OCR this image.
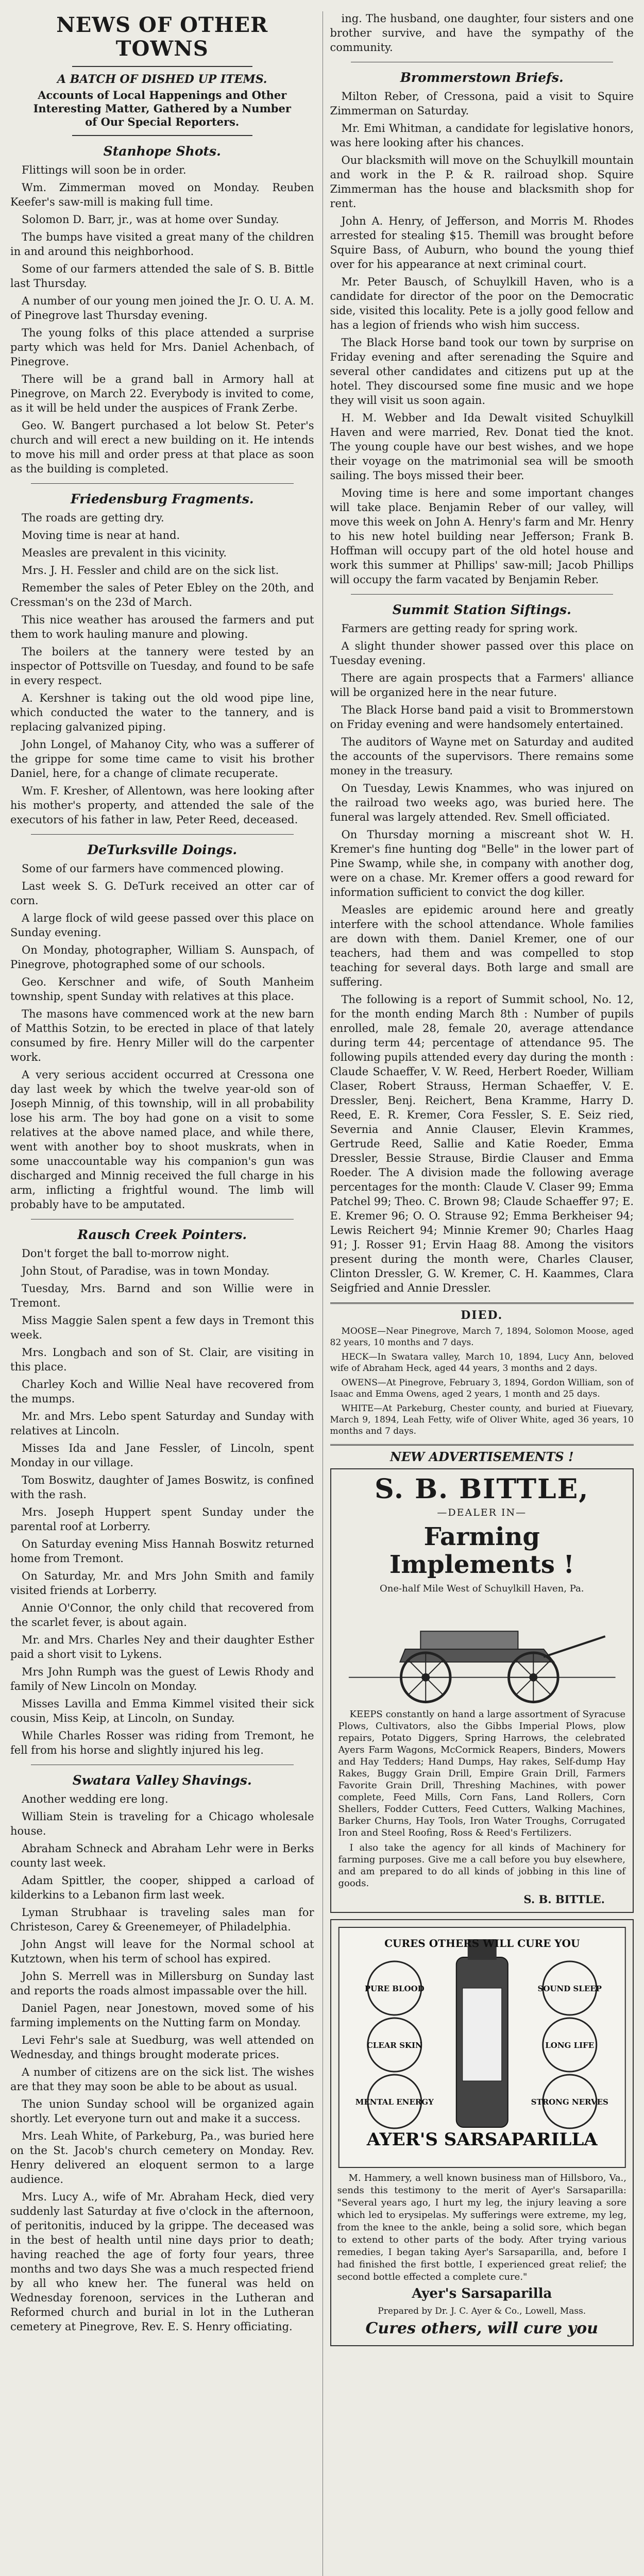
NEWS OF OTHER TOWNS
A BATCH OF DISHED UP ITEMS.
Accounts of Local Happenings and Other Interesting Matter, Gathered by a Number of Our Special Reporters.
Stanhope Shots.

Flittings will soon be in order.

Wm. Zimmerman moved on Monday. Reuben Keefer's saw-mill is making full time.

Solomon D. Barr, jr., was at home over Sunday.

The bumps have visited a great many of the children in and around this neighborhood.

Some of our farmers attended the sale of S. B. Bittle last Thursday.

A number of our young men joined the Jr. O. U. A. M. of Pinegrove last Thursday evening.

The young folks of this place attended a surprise party which was held for Mrs. Daniel Achenbach, of Pinegrove.

There will be a grand ball in Armory hall at Pinegrove, on March 22. Everybody is invited to come, as it will be held under the auspices of Frank Zerbe.

Geo. W. Bangert purchased a lot below St. Peter's church and will erect a new building on it. He intends to move his mill and order press at that place as soon as the building is completed.

Friedensburg Fragments.

The roads are getting dry.

Moving time is near at hand.

Measles are prevalent in this vicinity.

Mrs. J. H. Fessler and child are on the sick list.

Remember the sales of Peter Ebley on the 20th, and Cressman's on the 23d of March.

This nice weather has aroused the farmers and put them to work hauling manure and plowing.

The boilers at the tannery were tested by an inspector of Pottsville on Tuesday, and found to be safe in every respect.

A. Kershner is taking out the old wood pipe line, which conducted the water to the tannery, and is replacing galvanized piping.

John Longel, of Mahanoy City, who was a sufferer of the grippe for some time came to visit his brother Daniel, here, for a change of climate recuperate.

Wm. F. Kresher, of Allentown, was here looking after his mother's property, and attended the sale of the executors of his father in law, Peter Reed, deceased.

DeTurksville Doings.

Some of our farmers have commenced plowing.

Last week S. G. DeTurk received an otter car of corn.

A large flock of wild geese passed over this place on Sunday evening.

On Monday, photographer, William S. Aunspach, of Pinegrove, photographed some of our schools.

Geo. Kerschner and wife, of South Manheim township, spent Sunday with relatives at this place.

The masons have commenced work at the new barn of Matthis Sotzin, to be erected in place of that lately consumed by fire. Henry Miller will do the carpenter work.

A very serious accident occurred at Cressona one day last week by which the twelve year-old son of Joseph Minnig, of this township, will in all probability lose his arm. The boy had gone on a visit to some relatives at the above named place, and while there, went with another boy to shoot muskrats, when in some unaccountable way his companion's gun was discharged and Minnig received the full charge in his arm, inflicting a frightful wound. The limb will probably have to be amputated.

Rausch Creek Pointers.

Don't forget the ball to-morrow night.

John Stout, of Paradise, was in town Monday.

Tuesday, Mrs. Barnd and son Willie were in Tremont.

Miss Maggie Salen spent a few days in Tremont this week.

Mrs. Longbach and son of St. Clair, are visiting in this place.

Charley Koch and Willie Neal have recovered from the mumps.

Mr. and Mrs. Lebo spent Saturday and Sunday with relatives at Lincoln.

Misses Ida and Jane Fessler, of Lincoln, spent Monday in our village.

Tom Boswitz, daughter of James Boswitz, is confined with the rash.

Mrs. Joseph Huppert spent Sunday under the parental roof at Lorberry.

On Saturday evening Miss Hannah Boswitz returned home from Tremont.

On Saturday, Mr. and Mrs John Smith and family visited friends at Lorberry.

Annie O'Connor, the only child that recovered from the scarlet fever, is about again.

Mr. and Mrs. Charles Ney and their daughter Esther paid a short visit to Lykens.

Mrs John Rumph was the guest of Lewis Rhody and family of New Lincoln on Monday.

Misses Lavilla and Emma Kimmel visited their sick cousin, Miss Keip, at Lincoln, on Sunday.

While Charles Rosser was riding from Tremont, he fell from his horse and slightly injured his leg.

Swatara Valley Shavings.

Another wedding ere long.

William Stein is traveling for a Chicago wholesale house.

Abraham Schneck and Abraham Lehr were in Berks county last week.

Adam Spittler, the cooper, shipped a carload of kilderkins to a Lebanon firm last week.

Lyman Strubhaar is traveling sales man for Christeson, Carey & Greenemeyer, of Philadelphia.

John Angst will leave for the Normal school at Kutztown, when his term of school has expired.

John S. Merrell was in Millersburg on Sunday last and reports the roads almost impassable over the hill.

Daniel Pagen, near Jonestown, moved some of his farming implements on the Nutting farm on Monday.

Levi Fehr's sale at Suedburg, was well attended on Wednesday, and things brought moderate prices.

A number of citizens are on the sick list. The wishes are that they may soon be able to be about as usual.

The union Sunday school will be organized again shortly. Let everyone turn out and make it a success.

Mrs. Leah White, of Parkeburg, Pa., was buried here on the St. Jacob's church cemetery on Monday. Rev. Henry delivered an eloquent sermon to a large audience.

Mrs. Lucy A., wife of Mr. Abraham Heck, died very suddenly last Saturday at five o'clock in the afternoon, of peritonitis, induced by la grippe. The deceased was in the best of health until nine days prior to death; having reached the age of forty four years, three months and two days She was a much respected friend by all who knew her. The funeral was held on Wednesday forenoon, services in the Lutheran and Reformed church and burial in lot in the Lutheran cemetery at Pinegrove, Rev. E. S. Henry officiating.

ing. The husband, one daughter, four sisters and one brother survive, and have the sympathy of the community.

Brommerstown Briefs.

Milton Reber, of Cressona, paid a visit to Squire Zimmerman on Saturday.

Mr. Emi Whitman, a candidate for legislative honors, was here looking after his chances.

Our blacksmith will move on the Schuylkill mountain and work in the P. & R. railroad shop. Squire Zimmerman has the house and blacksmith shop for rent.

John A. Henry, of Jefferson, and Morris M. Rhodes arrested for stealing $15. Themill was brought before Squire Bass, of Auburn, who bound the young thief over for his appearance at next criminal court.

Mr. Peter Bausch, of Schuylkill Haven, who is a candidate for director of the poor on the Democratic side, visited this locality. Pete is a jolly good fellow and has a legion of friends who wish him success.

The Black Horse band took our town by surprise on Friday evening and after serenading the Squire and several other candidates and citizens put up at the hotel. They discoursed some fine music and we hope they will visit us soon again.

H. M. Webber and Ida Dewalt visited Schuylkill Haven and were married, Rev. Donat tied the knot. The young couple have our best wishes, and we hope their voyage on the matrimonial sea will be smooth sailing. The boys missed their beer.

Moving time is here and some important changes will take place. Benjamin Reber of our valley, will move this week on John A. Henry's farm and Mr. Henry to his new hotel building near Jefferson; Frank B. Hoffman will occupy part of the old hotel house and work this summer at Phillips' saw-mill; Jacob Phillips will occupy the farm vacated by Benjamin Reber.

Summit Station Siftings.

Farmers are getting ready for spring work.

A slight thunder shower passed over this place on Tuesday evening.

There are again prospects that a Farmers' alliance will be organized here in the near future.

The Black Horse band paid a visit to Brommerstown on Friday evening and were handsomely entertained.

The auditors of Wayne met on Saturday and audited the accounts of the supervisors. There remains some money in the treasury.

On Tuesday, Lewis Knammes, who was injured on the railroad two weeks ago, was buried here. The funeral was largely attended. Rev. Smell officiated.

On Thursday morning a miscreant shot W. H. Kremer's fine hunting dog "Belle" in the lower part of Pine Swamp, while she, in company with another dog, were on a chase. Mr. Kremer offers a good reward for information sufficient to convict the dog killer.

Measles are epidemic around here and greatly interfere with the school attendance. Whole families are down with them. Daniel Kremer, one of our teachers, had them and was compelled to stop teaching for several days. Both large and small are suffering.

The following is a report of Summit school, No. 12, for the month ending March 8th : Number of pupils enrolled, male 28, female 20, average attendance during term 44; percentage of attendance 95. The following pupils attended every day during the month : Claude Schaeffer, V. W. Reed, Herbert Roeder, William Claser, Robert Strauss, Herman Schaeffer, V. E. Dressler, Benj. Reichert, Bena Kramme, Harry D. Reed, E. R. Kremer, Cora Fessler, S. E. Seiz ried, Severnia and Annie Clauser, Elevin Krammes, Gertrude Reed, Sallie and Katie Roeder, Emma Dressler, Bessie Strause, Birdie Clauser and Emma Roeder. The A division made the following average percentages for the month: Claude V. Claser 99; Emma Patchel 99; Theo. C. Brown 98; Claude Schaeffer 97; E. E. Kremer 96; O. O. Strause 92; Emma Berkheiser 94; Lewis Reichert 94; Minnie Kremer 90; Charles Haag 91; J. Rosser 91; Ervin Haag 88. Among the visitors present during the month were, Charles Clauser, Clinton Dressler, G. W. Kremer, C. H. Kaammes, Clara Seigfried and Annie Dressler.

DIED.

MOOSE—Near Pinegrove, March 7, 1894, Solomon Moose, aged 82 years, 10 months and 7 days.

HECK—In Swatara valley, March 10, 1894, Lucy Ann, beloved wife of Abraham Heck, aged 44 years, 3 months and 2 days.

OWENS—At Pinegrove, February 3, 1894, Gordon William, son of Isaac and Emma Owens, aged 2 years, 1 month and 25 days.

WHITE—At Parkeburg, Chester county, and buried at Fiuevary, March 9, 1894, Leah Fetty, wife of Oliver White, aged 36 years, 10 months and 7 days.

NEW ADVERTISEMENTS !
S. B. BITTLE,
—DEALER IN—
Farming Implements !
One-half Mile West of Schuylkill Haven, Pa.

KEEPS constantly on hand a large assortment of Syracuse Plows, Cultivators, also the Gibbs Imperial Plows, plow repairs, Potato Diggers, Spring Harrows, the celebrated Ayers Farm Wagons, McCormick Reapers, Binders, Mowers and Hay Tedders; Hand Dumps, Hay rakes, Self-dump Hay Rakes, Buggy Grain Drill, Empire Grain Drill, Farmers Favorite Grain Drill, Threshing Machines, with power complete, Feed Mills, Corn Fans, Land Rollers, Corn Shellers, Fodder Cutters, Feed Cutters, Walking Machines, Barker Churns, Hay Tools, Iron Water Troughs, Corrugated Iron and Steel Roofing, Ross & Reed's Fertilizers.

I also take the agency for all kinds of Machinery for farming purposes. Give me a call before you buy elsewhere, and am prepared to do all kinds of jobbing in this line of goods.

S. B. BITTLE.
AYER'S SARSAPARILLA
CURES OTHERS WILL CURE YOU
PURE BLOOD	SOUND SLEEP
CLEAR SKIN	LONG LIFE
MENTAL ENERGY	STRONG NERVES

M. Hammery, a well known business man of Hillsboro, Va., sends this testimony to the merit of Ayer's Sarsaparilla: "Several years ago, I hurt my leg, the injury leaving a sore which led to erysipelas. My sufferings were extreme, my leg, from the knee to the ankle, being a solid sore, which began to extend to other parts of the body. After trying various remedies, I began taking Ayer's Sarsaparilla, and, before I had finished the first bottle, I experienced great relief; the second bottle effected a complete cure."

Ayer's Sarsaparilla
Prepared by Dr. J. C. Ayer & Co., Lowell, Mass.
Cures others, will cure you
